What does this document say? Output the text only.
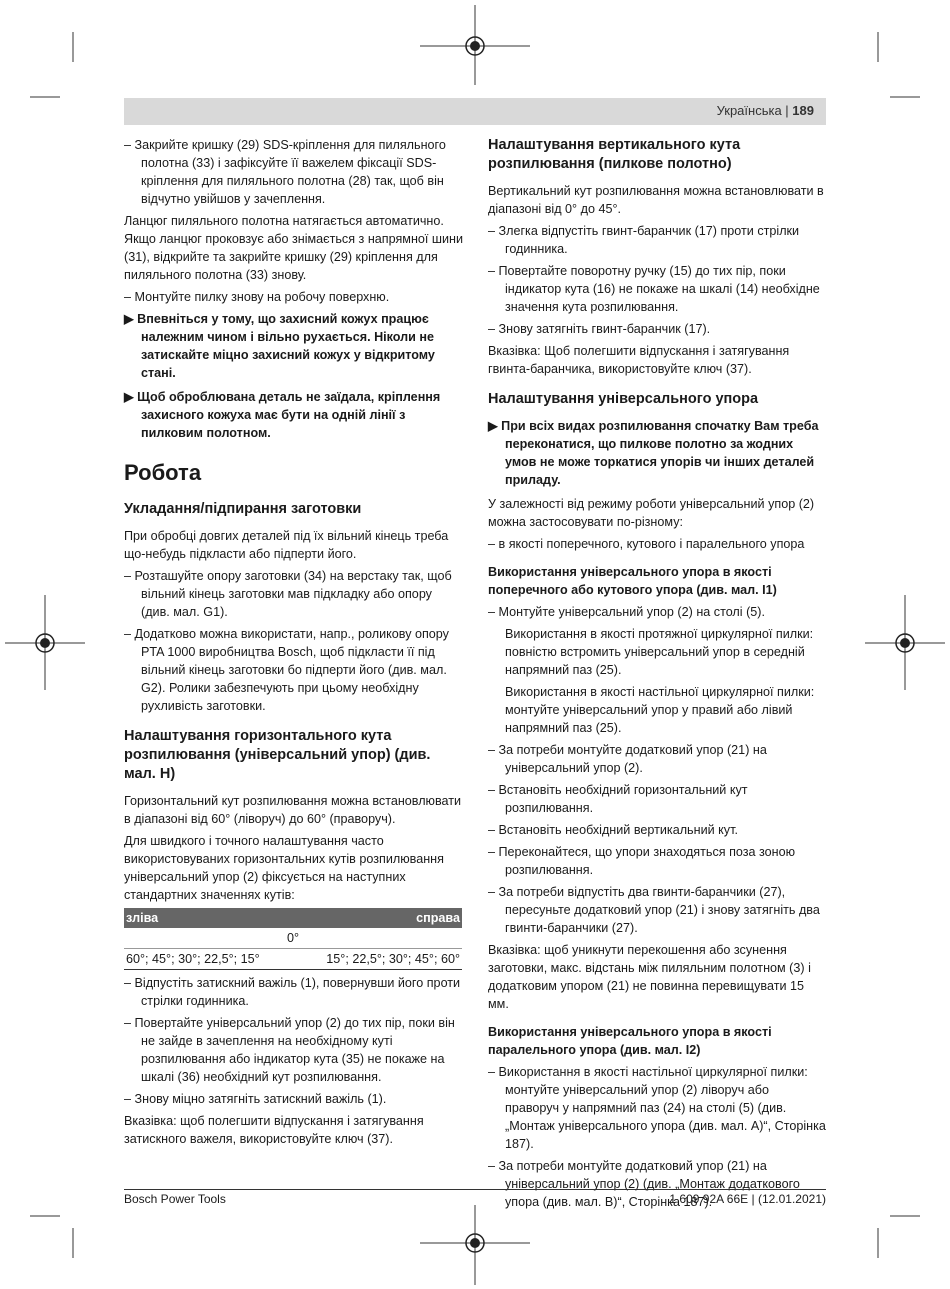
Українська | 189

– Закрийте кришку (29) SDS-кріплення для пиляльного полотна (33) і зафіксуйте її важелем фіксації SDS-кріплення для пиляльного полотна (28) так, щоб він відчутно увійшов у зачеплення.

Ланцюг пиляльного полотна натягається автоматично. Якщо ланцюг проковзує або знімається з напрямної шини (31), відкрийте та закрийте кришку (29) кріплення для пиляльного полотна (33) знову.

– Монтуйте пилку знову на робочу поверхню.

▶ Впевніться у тому, що захисний кожух працює належним чином і вільно рухається. Ніколи не затискайте міцно захисний кожух у відкритому стані.

▶ Щоб оброблювана деталь не заїдала, кріплення захисного кожуха має бути на одній лінії з пилковим полотном.

Робота
Укладання/підпирання заготовки

При обробці довгих деталей під їх вільний кінець треба що-небудь підкласти або підперти його.

– Розташуйте опору заготовки (34) на верстаку так, щоб вільний кінець заготовки мав підкладку або опору (див. мал. G1).

– Додатково можна використати, напр., роликову опору PTA 1000 виробництва Bosch, щоб підкласти її під вільний кінець заготовки бо підперти його (див. мал. G2). Ролики забезпечують при цьому необхідну рухливість заготовки.

Налаштування горизонтального кута розпилювання (універсальний упор) (див. мал. H)

Горизонтальний кут розпилювання можна встановлювати в діапазоні від 60° (ліворуч) до 60° (праворуч).

Для швидкого і точного налаштування часто використовуваних горизонтальних кутів розпилювання універсальний упор (2) фіксується на наступних стандартних значеннях кутів:

зліва	справа
0°	
60°; 45°; 30°; 22,5°; 15°	15°; 22,5°; 30°; 45°; 60°

– Відпустіть затискний важіль (1), повернувши його проти стрілки годинника.

– Повертайте універсальний упор (2) до тих пір, поки він не зайде в зачеплення на необхідному куті розпилювання або індикатор кута (35) не покаже на шкалі (36) необхідний кут розпилювання.

– Знову міцно затягніть затискний важіль (1).

Вказівка: щоб полегшити відпускання і затягування затискного важеля, використовуйте ключ (37).

Налаштування вертикального кута розпилювання (пилкове полотно)

Вертикальний кут розпилювання можна встановлювати в діапазоні від 0° до 45°.

– Злегка відпустіть гвинт-баранчик (17) проти стрілки годинника.

– Повертайте поворотну ручку (15) до тих пір, поки індикатор кута (16) не покаже на шкалі (14) необхідне значення кута розпилювання.

– Знову затягніть гвинт-баранчик (17).

Вказівка: Щоб полегшити відпускання і затягування гвинта-баранчика, використовуйте ключ (37).

Налаштування універсального упора

▶ При всіх видах розпилювання спочатку Вам треба переконатися, що пилкове полотно за жодних умов не може торкатися упорів чи інших деталей приладу.

У залежності від режиму роботи універсальний упор (2) можна застосовувати по-різному:

– в якості поперечного, кутового і паралельного упора

Використання універсального упора в якості поперечного або кутового упора (див. мал. I1)

– Монтуйте універсальний упор (2) на столі (5).

Використання в якості протяжної циркулярної пилки: повністю встромить універсальний упор в середній напрямний паз (25).

Використання в якості настільної циркулярної пилки: монтуйте універсальний упор у правий або лівий напрямний паз (25).

– За потреби монтуйте додатковий упор (21) на універсальний упор (2).

– Встановіть необхідний горизонтальний кут розпилювання.

– Встановіть необхідний вертикальний кут.

– Переконайтеся, що упори знаходяться поза зоною розпилювання.

– За потреби відпустіть два гвинти-баранчики (27), пересуньте додатковий упор (21) і знову затягніть два гвинти-баранчики (27).

Вказівка: щоб уникнути перекошення або зсунення заготовки, макс. відстань між пиляльним полотном (3) і додатковим упором (21) не повинна перевищувати 15 мм.

Використання універсального упора в якості паралельного упора (див. мал. I2)

– Використання в якості настільної циркулярної пилки: монтуйте універсальний упор (2) ліворуч або праворуч у напрямний паз (24) на столі (5) (див. „Монтаж універсального упора (див. мал. A)“, Сторінка 187).

– За потреби монтуйте додатковий упор (21) на універсальний упор (2) (див. „Монтаж додаткового упора (див. мал. B)“, Сторінка 187).

Bosch Power Tools	1 609 92A 66E | (12.01.2021)
